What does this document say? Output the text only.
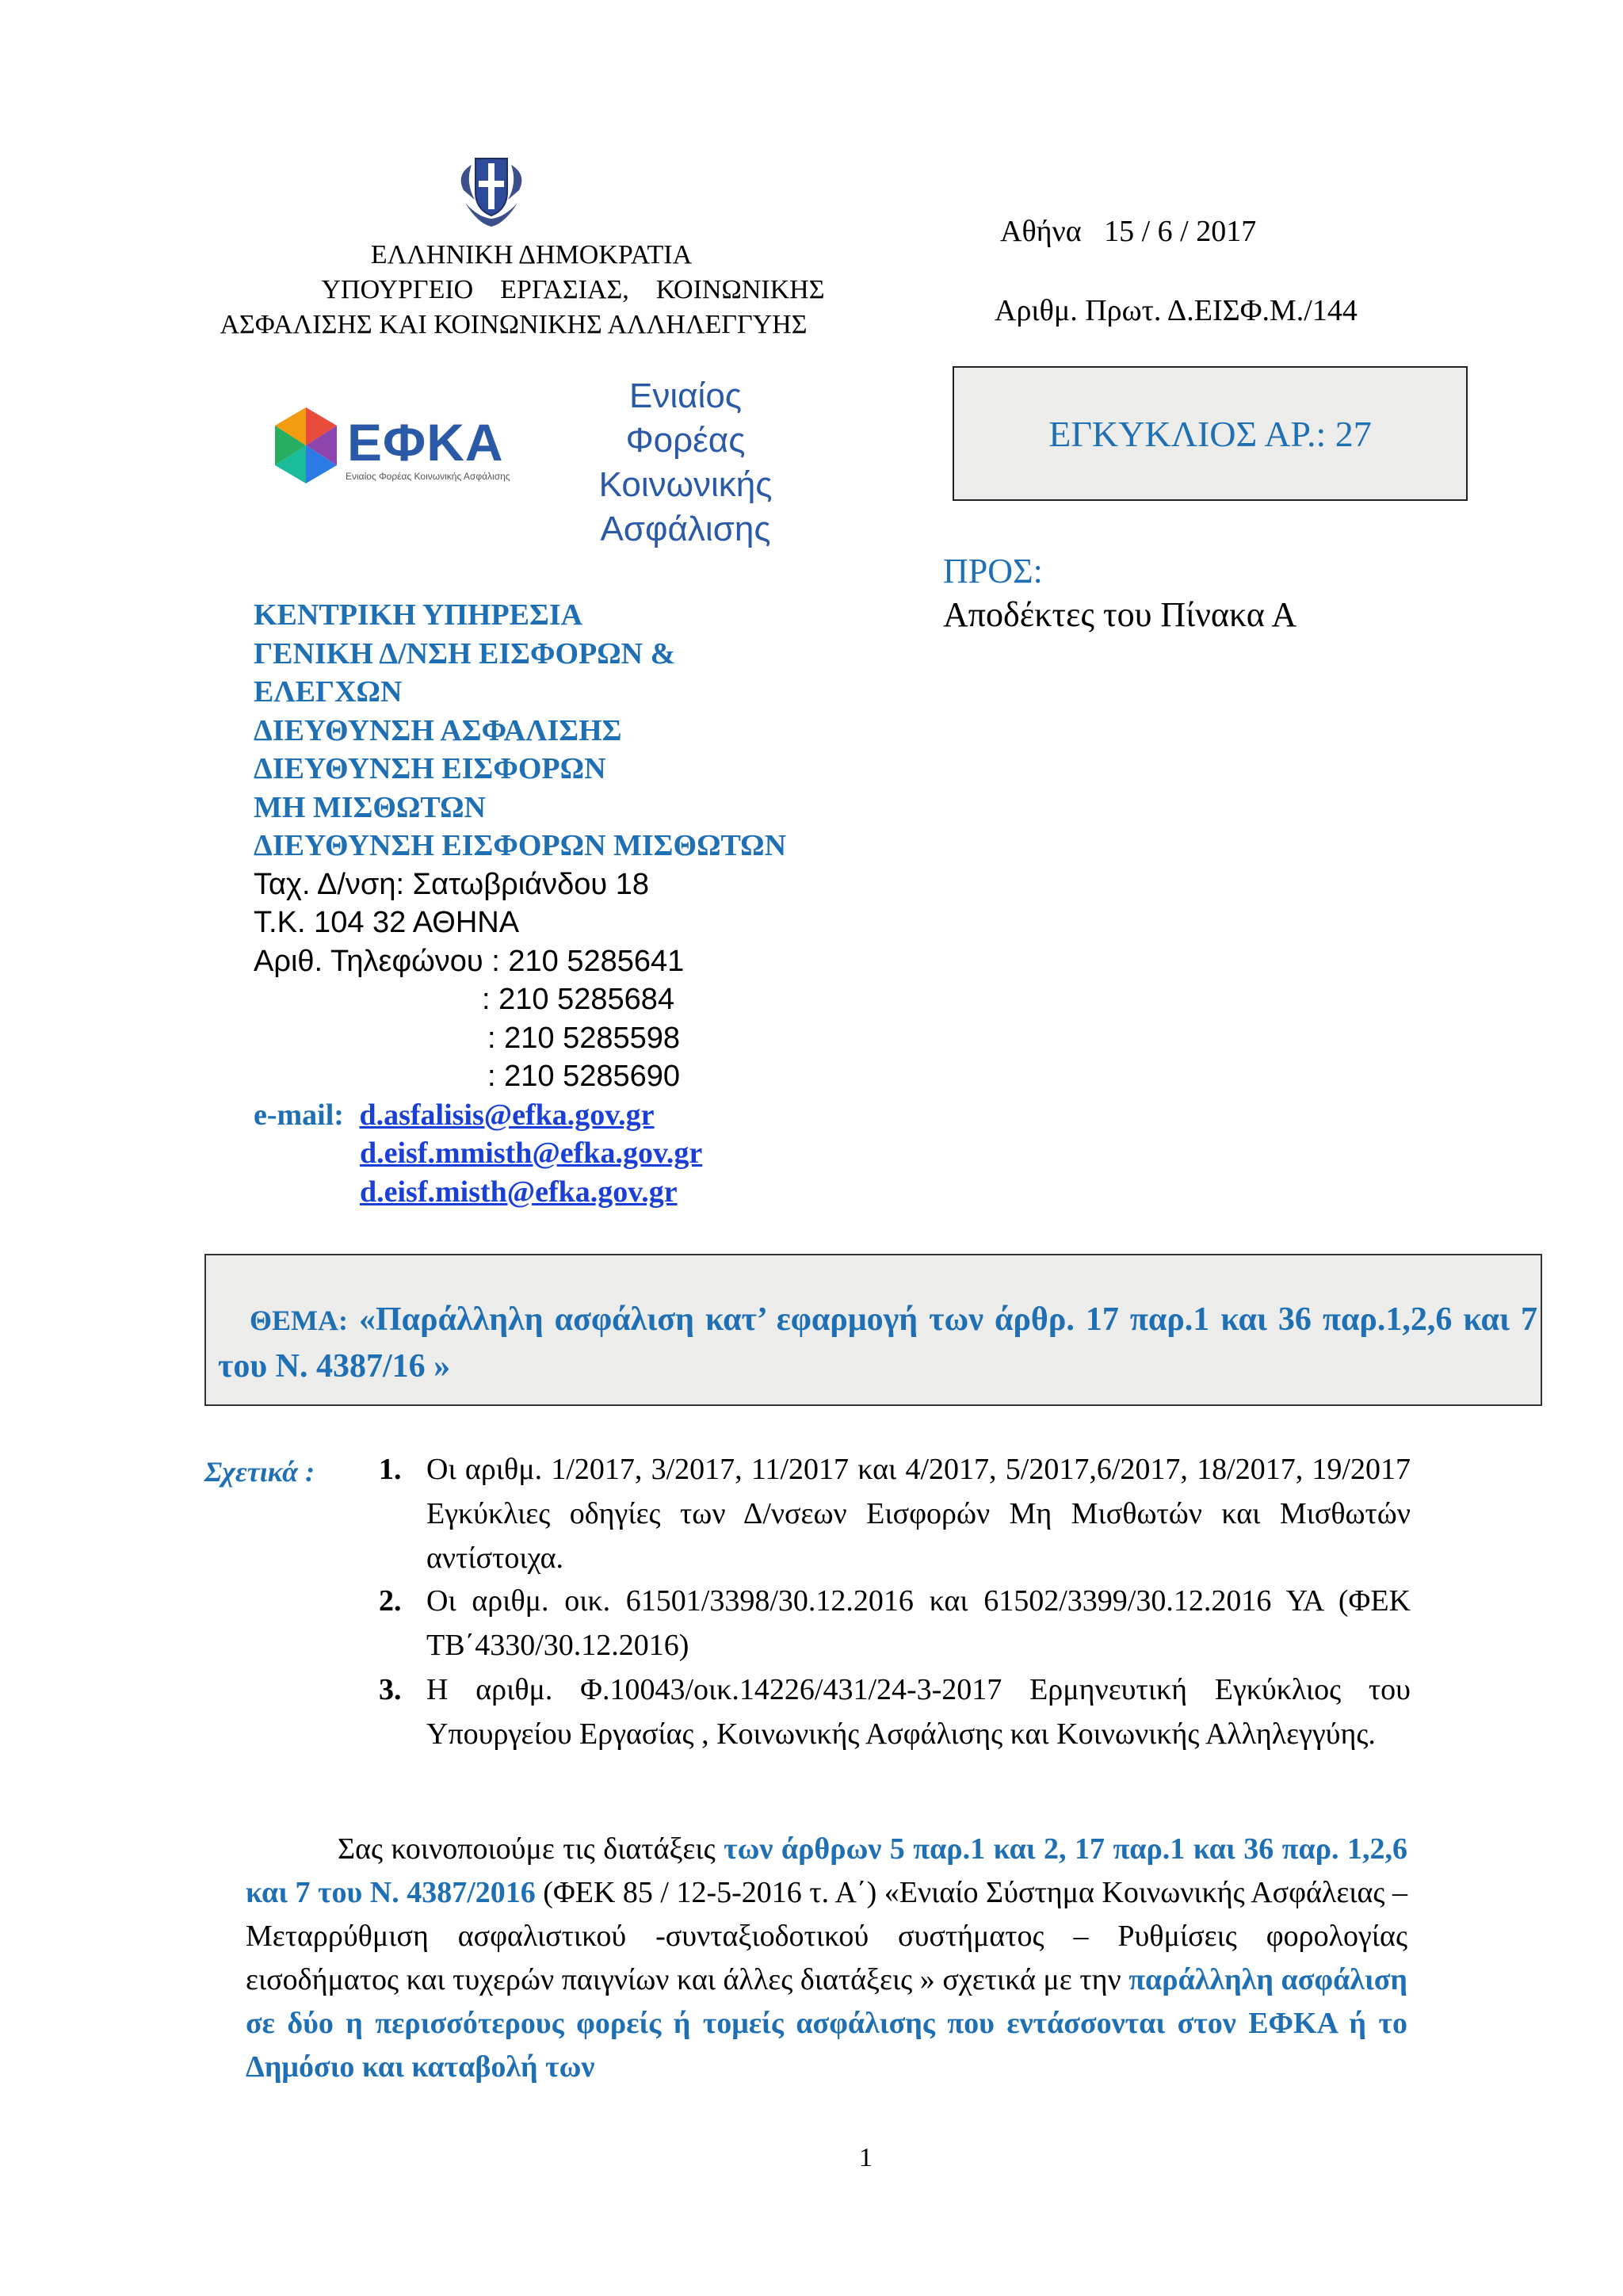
ΕΛΛΗΝΙΚΗ ΔΗΜΟΚΡΑΤΙΑ
ΥΠΟΥΡΓΕΙΟ    ΕΡΓΑΣΙΑΣ,    ΚΟΙΝΩΝΙΚΗΣ
ΑΣΦΑΛΙΣΗΣ ΚΑΙ ΚΟΙΝΩΝΙΚΗΣ ΑΛΛΗΛΕΓΓΥΗΣ
ΕΦΚΑ
Ενιαίος Φορέας Κοινωνικής Ασφάλισης
Ενιαίος
Φορέας
Κοινωνικής
Ασφάλισης
Αθήνα   15 / 6 / 2017
Αριθμ. Πρωτ. Δ.ΕΙΣΦ.Μ./144
ΕΓΚΥΚΛΙΟΣ ΑΡ.: 27
ΠΡΟΣ:
Αποδέκτες του Πίνακα Α
ΚΕΝΤΡΙΚΗ ΥΠΗΡΕΣΙΑ
ΓΕΝΙΚΗ Δ/ΝΣΗ ΕΙΣΦΟΡΩΝ &
ΕΛΕΓΧΩΝ
ΔΙΕΥΘΥΝΣΗ ΑΣΦΑΛΙΣΗΣ
ΔΙΕΥΘΥΝΣΗ ΕΙΣΦΟΡΩΝ
ΜΗ ΜΙΣΘΩΤΩΝ
ΔΙΕΥΘΥΝΣΗ ΕΙΣΦΟΡΩΝ ΜΙΣΘΩΤΩΝ
Ταχ. Δ/νση: Σατωβριάνδου 18
Τ.Κ. 104 32 ΑΘΗΝΑ
Αριθ. Τηλεφώνου : 210 5285641
: 210 5285684
: 210 5285598
: 210 5285690
e-mail: d.asfalisis@efka.gov.gr
d.eisf.mmisth@efka.gov.gr
d.eisf.misth@efka.gov.gr
ΘΕΜΑ: «Παράλληλη ασφάλιση κατ’ εφαρμογή των άρθρ. 17 παρ.1 και 36 παρ.1,2,6 και 7 του Ν. 4387/16 »
Σχετικά : 1. Οι αριθμ. 1/2017, 3/2017, 11/2017 και 4/2017, 5/2017,6/2017, 18/2017, 19/2017 Εγκύκλιες οδηγίες των Δ/νσεων Εισφορών Μη Μισθωτών και Μισθωτών αντίστοιχα.
2. Οι αριθμ. οικ. 61501/3398/30.12.2016 και 61502/3399/30.12.2016 ΥΑ (ΦΕΚ ΤΒ΄4330/30.12.2016)
3. Η αριθμ. Φ.10043/οικ.14226/431/24-3-2017 Ερμηνευτική Εγκύκλιος του Υπουργείου Εργασίας , Κοινωνικής Ασφάλισης και Κοινωνικής Αλληλεγγύης.
Σας κοινοποιούμε τις διατάξεις των άρθρων 5 παρ.1 και 2, 17 παρ.1 και 36 παρ. 1,2,6 και 7 του Ν. 4387/2016 (ΦΕΚ 85 / 12-5-2016 τ. Α΄) «Ενιαίο Σύστημα Κοινωνικής Ασφάλειας – Μεταρρύθμιση ασφαλιστικού -συνταξιοδοτικού συστήματος – Ρυθμίσεις φορολογίας εισοδήματος και τυχερών παιγνίων και άλλες διατάξεις » σχετικά με την παράλληλη ασφάλιση σε δύο η περισσότερους φορείς ή τομείς ασφάλισης που εντάσσονται στον ΕΦΚΑ ή το Δημόσιο και καταβολή των
1
